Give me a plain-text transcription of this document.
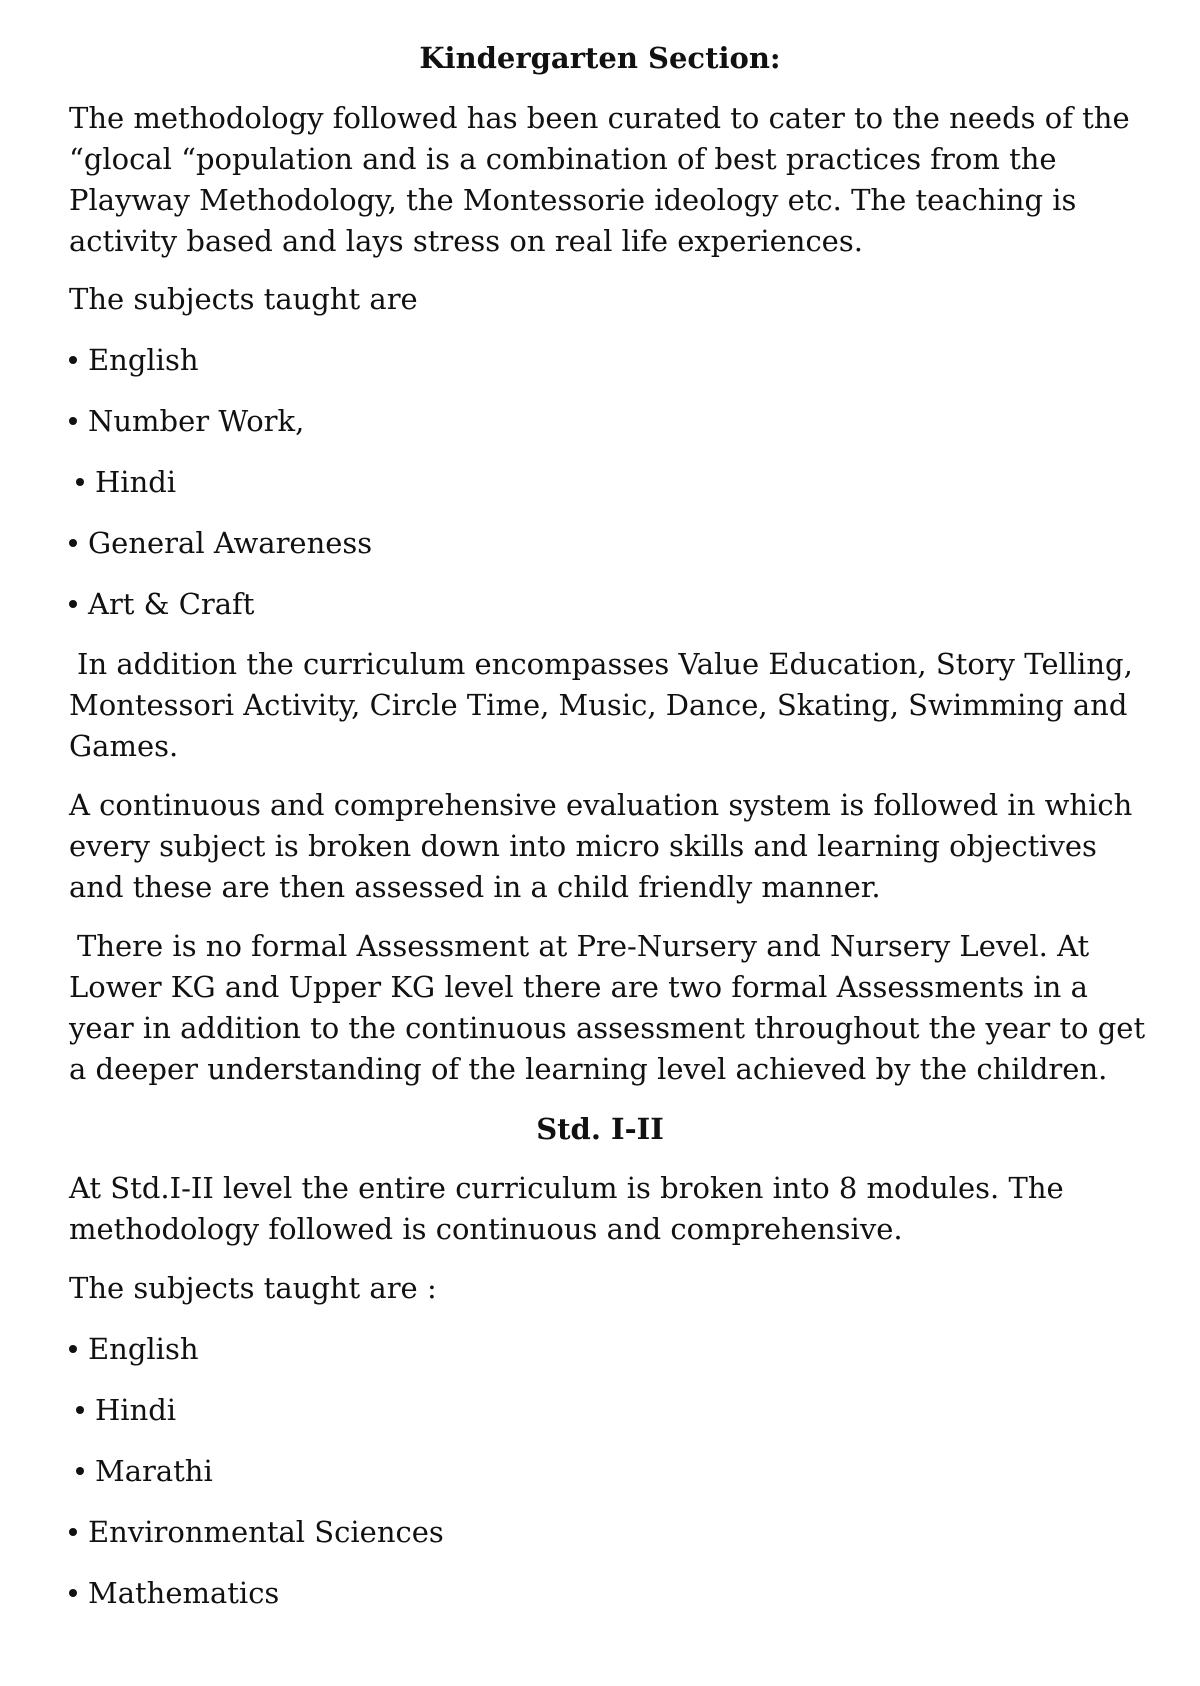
Kindergarten Section:

The methodology followed has been curated to cater to the needs of the “glocal “population and is a combination of best practices from the Playway Methodology, the Montessorie ideology etc. The teaching is activity based and lays stress on real life experiences.

The subjects taught are

English

Number Work,

Hindi

General Awareness

Art & Craft

In addition the curriculum encompasses Value Education, Story Telling, Montessori Activity, Circle Time, Music, Dance, Skating, Swimming and Games.

A continuous and comprehensive evaluation system is followed in which every subject is broken down into micro skills and learning objectives and these are then assessed in a child friendly manner.

There is no formal Assessment at Pre-Nursery and Nursery Level. At Lower KG and Upper KG level there are two formal Assessments in a year in addition to the continuous assessment throughout the year to get a deeper understanding of the learning level achieved by the children.

Std. I-II

At Std.I-II level the entire curriculum is broken into 8 modules. The methodology followed is continuous and comprehensive.

The subjects taught are :

English

Hindi

Marathi

Environmental Sciences

Mathematics
